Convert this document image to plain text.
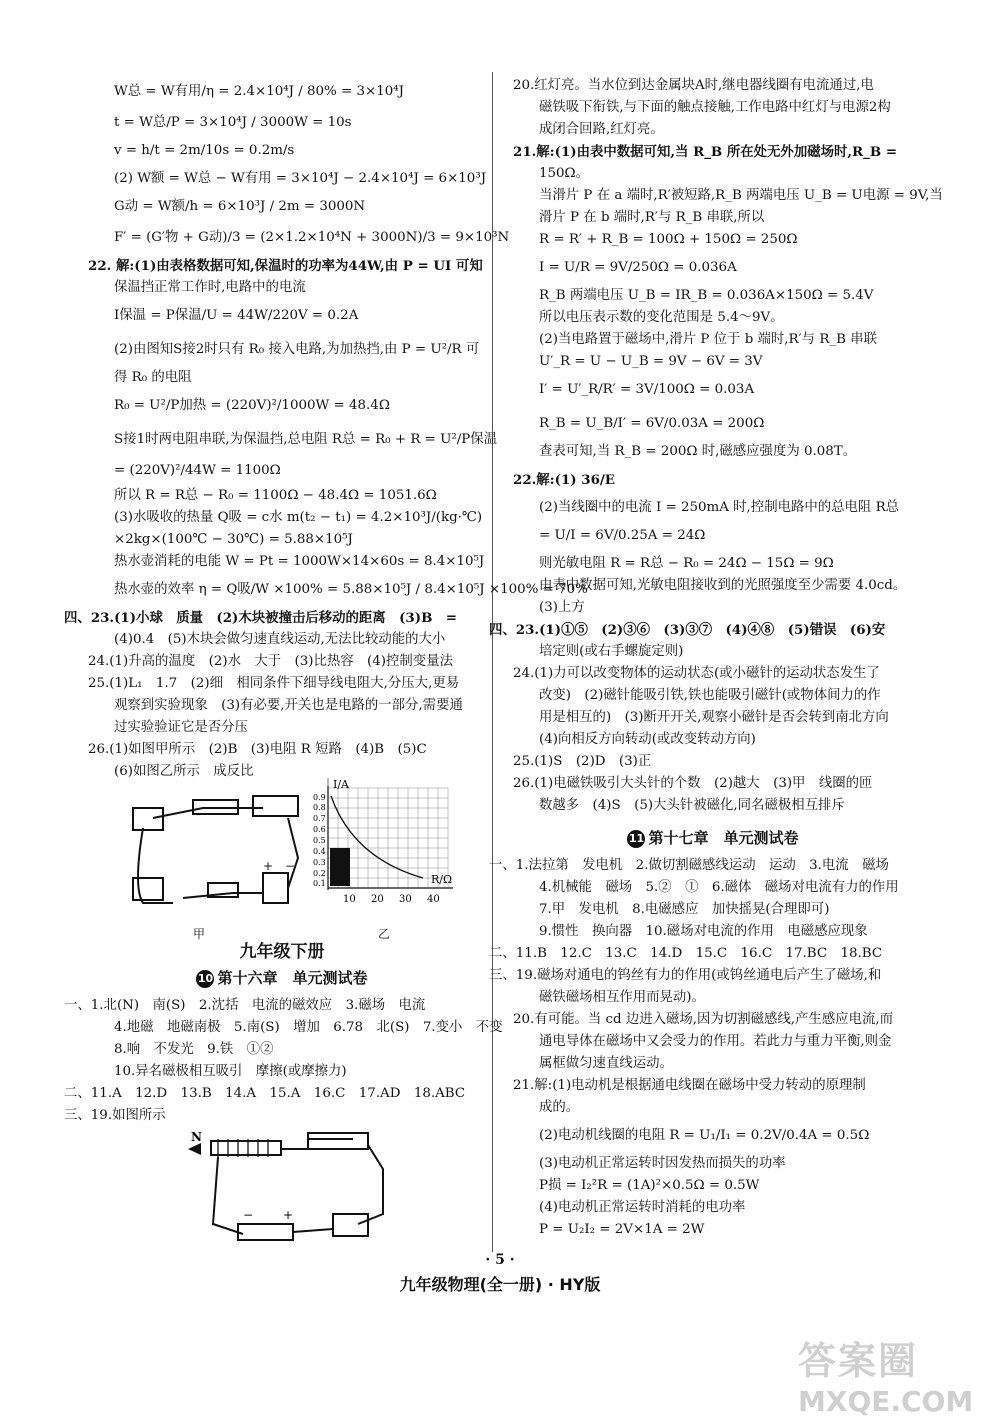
W总 = W有用/η = 2.4×10⁴J / 80% = 3×10⁴J
t = W总/P = 3×10⁴J / 3000W = 10s
v = h/t = 2m/10s = 0.2m/s
(2) W额 = W总 − W有用 = 3×10⁴J − 2.4×10⁴J = 6×10³J
G动 = W额/h = 6×10³J / 2m = 3000N
F′ = (G′物 + G动)/3 = (2×1.2×10⁴N + 3000N)/3 = 9×10³N
22. 解:(1)由表格数据可知,保温时的功率为44W,由 P = UI 可知
保温挡正常工作时,电路中的电流
I保温 = P保温/U = 44W/220V = 0.2A
(2)由图知S接2时只有 R₀ 接入电路,为加热挡,由 P = U²/R 可
得 R₀ 的电阻
R₀ = U²/P加热 = (220V)²/1000W = 48.4Ω
S接1时两电阻串联,为保温挡,总电阻 R总 = R₀ + R = U²/P保温
= (220V)²/44W = 1100Ω
所以 R = R总 − R₀ = 1100Ω − 48.4Ω = 1051.6Ω
(3)水吸收的热量 Q吸 = c水 m(t₂ − t₁) = 4.2×10³J/(kg·℃)
×2kg×(100℃ − 30℃) = 5.88×10⁵J
热水壶消耗的电能 W = Pt = 1000W×14×60s = 8.4×10⁵J
热水壶的效率 η = Q吸/W ×100% = 5.88×10⁵J / 8.4×10⁵J ×100% = 70%
四、23.(1)小球　质量　(2)木块被撞击后移动的距离　(3)B　=
(4)0.4　(5)木块会做匀速直线运动,无法比较动能的大小
24.(1)升高的温度　(2)水　大于　(3)比热容　(4)控制变量法
25.(1)L₁　1.7　(2)细　相同条件下细导线电阻大,分压大,更易
观察到实验现象　(3)有必要,开关也是电路的一部分,需要通
过实验验证它是否分压
26.(1)如图甲所示　(2)B　(3)电阻 R 短路　(4)B　(5)C
(6)如图乙所示　成反比
+ −
I/A
R/Ω
0.9
0.8
0.7
0.6
0.5
0.4
0.3
0.2
0.1
10 20 30 40
甲	乙
九年级下册
10 第十六章　单元测试卷
一、1.北(N)　南(S)　2.沈括　电流的磁效应　3.磁场　电流
4.地磁　地磁南极　5.南(S)　增加　6.78　北(S)　7.变小　不变
8.响　不发光　9.铁　①②
10.异名磁极相互吸引　摩擦(或摩擦力)
二、11.A　12.D　13.B　14.A　15.A　16.C　17.AD　18.ABC
三、19.如图所示
N
− +
20.红灯亮。当水位到达金属块A时,继电器线圈有电流通过,电
磁铁吸下衔铁,与下面的触点接触,工作电路中红灯与电源2构
成闭合回路,红灯亮。
21.解:(1)由表中数据可知,当 R_B 所在处无外加磁场时,R_B =
150Ω。
当滑片 P 在 a 端时,R′被短路,R_B 两端电压 U_B = U电源 = 9V,当
滑片 P 在 b 端时,R′与 R_B 串联,所以
R = R′ + R_B = 100Ω + 150Ω = 250Ω
I = U/R = 9V/250Ω = 0.036A
R_B 两端电压 U_B = IR_B = 0.036A×150Ω = 5.4V
所以电压表示数的变化范围是 5.4～9V。
(2)当电路置于磁场中,滑片 P 位于 b 端时,R′与 R_B 串联
U′_R = U − U_B = 9V − 6V = 3V
I′ = U′_R/R′ = 3V/100Ω = 0.03A
R_B = U_B/I′ = 6V/0.03A = 200Ω
查表可知,当 R_B = 200Ω 时,磁感应强度为 0.08T。
22.解:(1) 36/E
(2)当线圈中的电流 I = 250mA 时,控制电路中的总电阻 R总
= U/I = 6V/0.25A = 24Ω
则光敏电阻 R = R总 − R₀ = 24Ω − 15Ω = 9Ω
由表中数据可知,光敏电阻接收到的光照强度至少需要 4.0cd。
(3)上方
四、23.(1)①⑤　(2)③⑥　(3)③⑦　(4)④⑧　(5)错误　(6)安
培定则(或右手螺旋定则)
24.(1)力可以改变物体的运动状态(或小磁针的运动状态发生了
改变)　(2)磁针能吸引铁,铁也能吸引磁针(或物体间力的作
用是相互的)　(3)断开开关,观察小磁针是否会转到南北方向
(4)向相反方向转动(或改变转动方向)
25.(1)S　(2)D　(3)正
26.(1)电磁铁吸引大头针的个数　(2)越大　(3)甲　线圈的匝
数越多　(4)S　(5)大头针被磁化,同名磁极相互排斥
11 第十七章　单元测试卷
一、1.法拉第　发电机　2.做切割磁感线运动　运动　3.电流　磁场
4.机械能　磁场　5.②　①　6.磁体　磁场对电流有力的作用
7.甲　发电机　8.电磁感应　加快摇晃(合理即可)
9.惯性　换向器　10.磁场对电流的作用　电磁感应现象
二、11.B　12.C　13.C　14.D　15.C　16.C　17.BC　18.BC
三、19.磁场对通电的钨丝有力的作用(或钨丝通电后产生了磁场,和
磁铁磁场相互作用而晃动)。
20.有可能。当 cd 边进入磁场,因为切割磁感线,产生感应电流,而
通电导体在磁场中又会受力的作用。若此力与重力平衡,则金
属框做匀速直线运动。
21.解:(1)电动机是根据通电线圈在磁场中受力转动的原理制
成的。
(2)电动机线圈的电阻 R = U₁/I₁ = 0.2V/0.4A = 0.5Ω
(3)电动机正常运转时因发热而损失的功率
P损 = I₂²R = (1A)²×0.5Ω = 0.5W
(4)电动机正常运转时消耗的电功率
P = U₂I₂ = 2V×1A = 2W
· 5 ·
九年级物理(全一册) · HY版
答案圈
MXQE.COM
